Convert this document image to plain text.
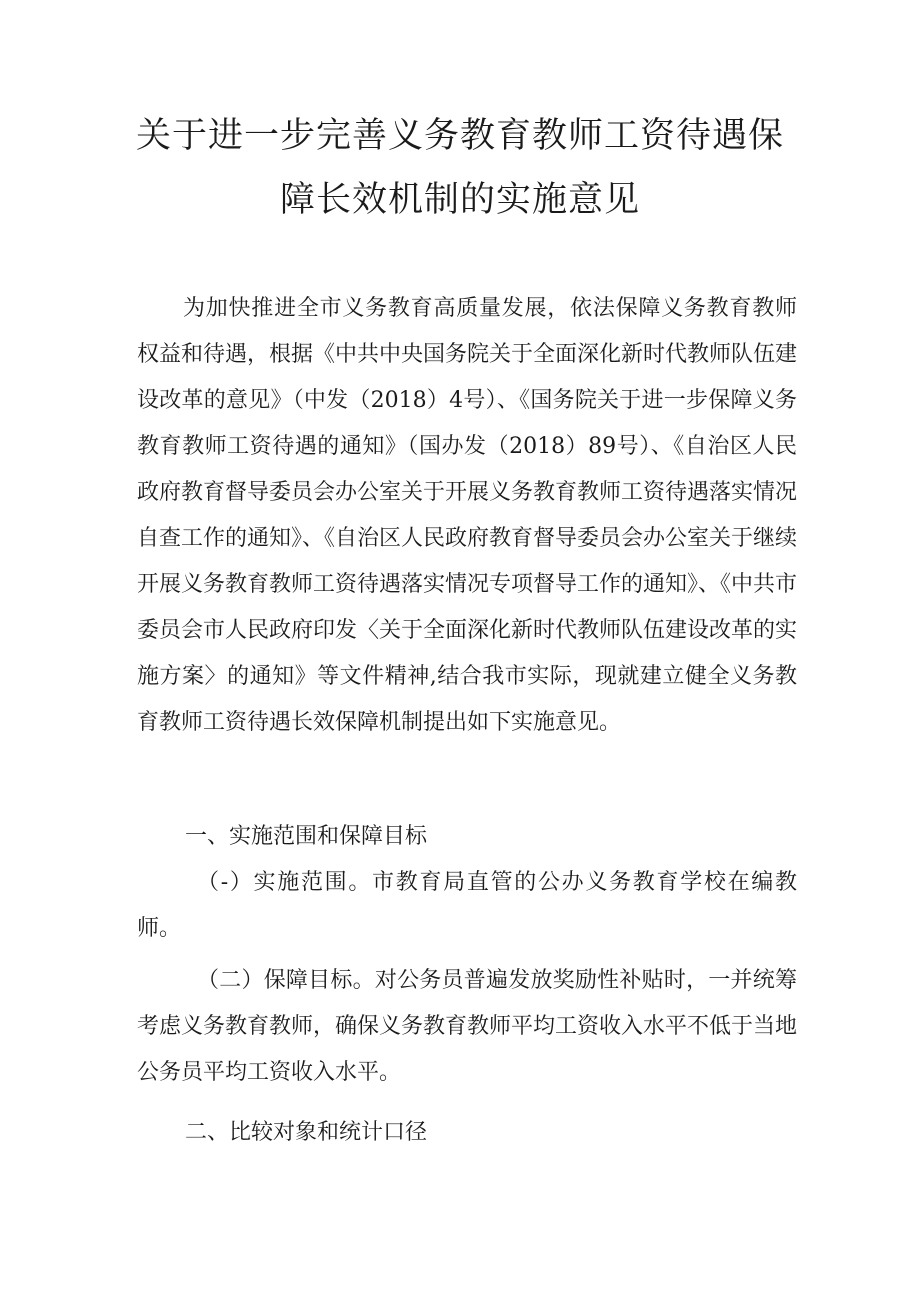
关于进一步完善义务教育教师工资待遇保
障长效机制的实施意见
为加快推进全市义务教育高质量发展，依法保障义务教育教师权益和待遇，根据《中共中央国务院关于全面深化新时代教师队伍建设改革的意见》（中发（2018）4号）、《国务院关于进一步保障义务教育教师工资待遇的通知》（国办发（2018）89号）、《自治区人民政府教育督导委员会办公室关于开展义务教育教师工资待遇落实情况自查工作的通知》、《自治区人民政府教育督导委员会办公室关于继续开展义务教育教师工资待遇落实情况专项督导工作的通知》、《中共市委员会市人民政府印发〈关于全面深化新时代教师队伍建设改革的实施方案〉的通知》等文件精神,结合我市实际，现就建立健全义务教育教师工资待遇长效保障机制提出如下实施意见。
一、实施范围和保障目标
（-）实施范围。市教育局直管的公办义务教育学校在编教师。
（二）保障目标。对公务员普遍发放奖励性补贴时，一并统筹考虑义务教育教师，确保义务教育教师平均工资收入水平不低于当地公务员平均工资收入水平。
二、比较对象和统计口径
